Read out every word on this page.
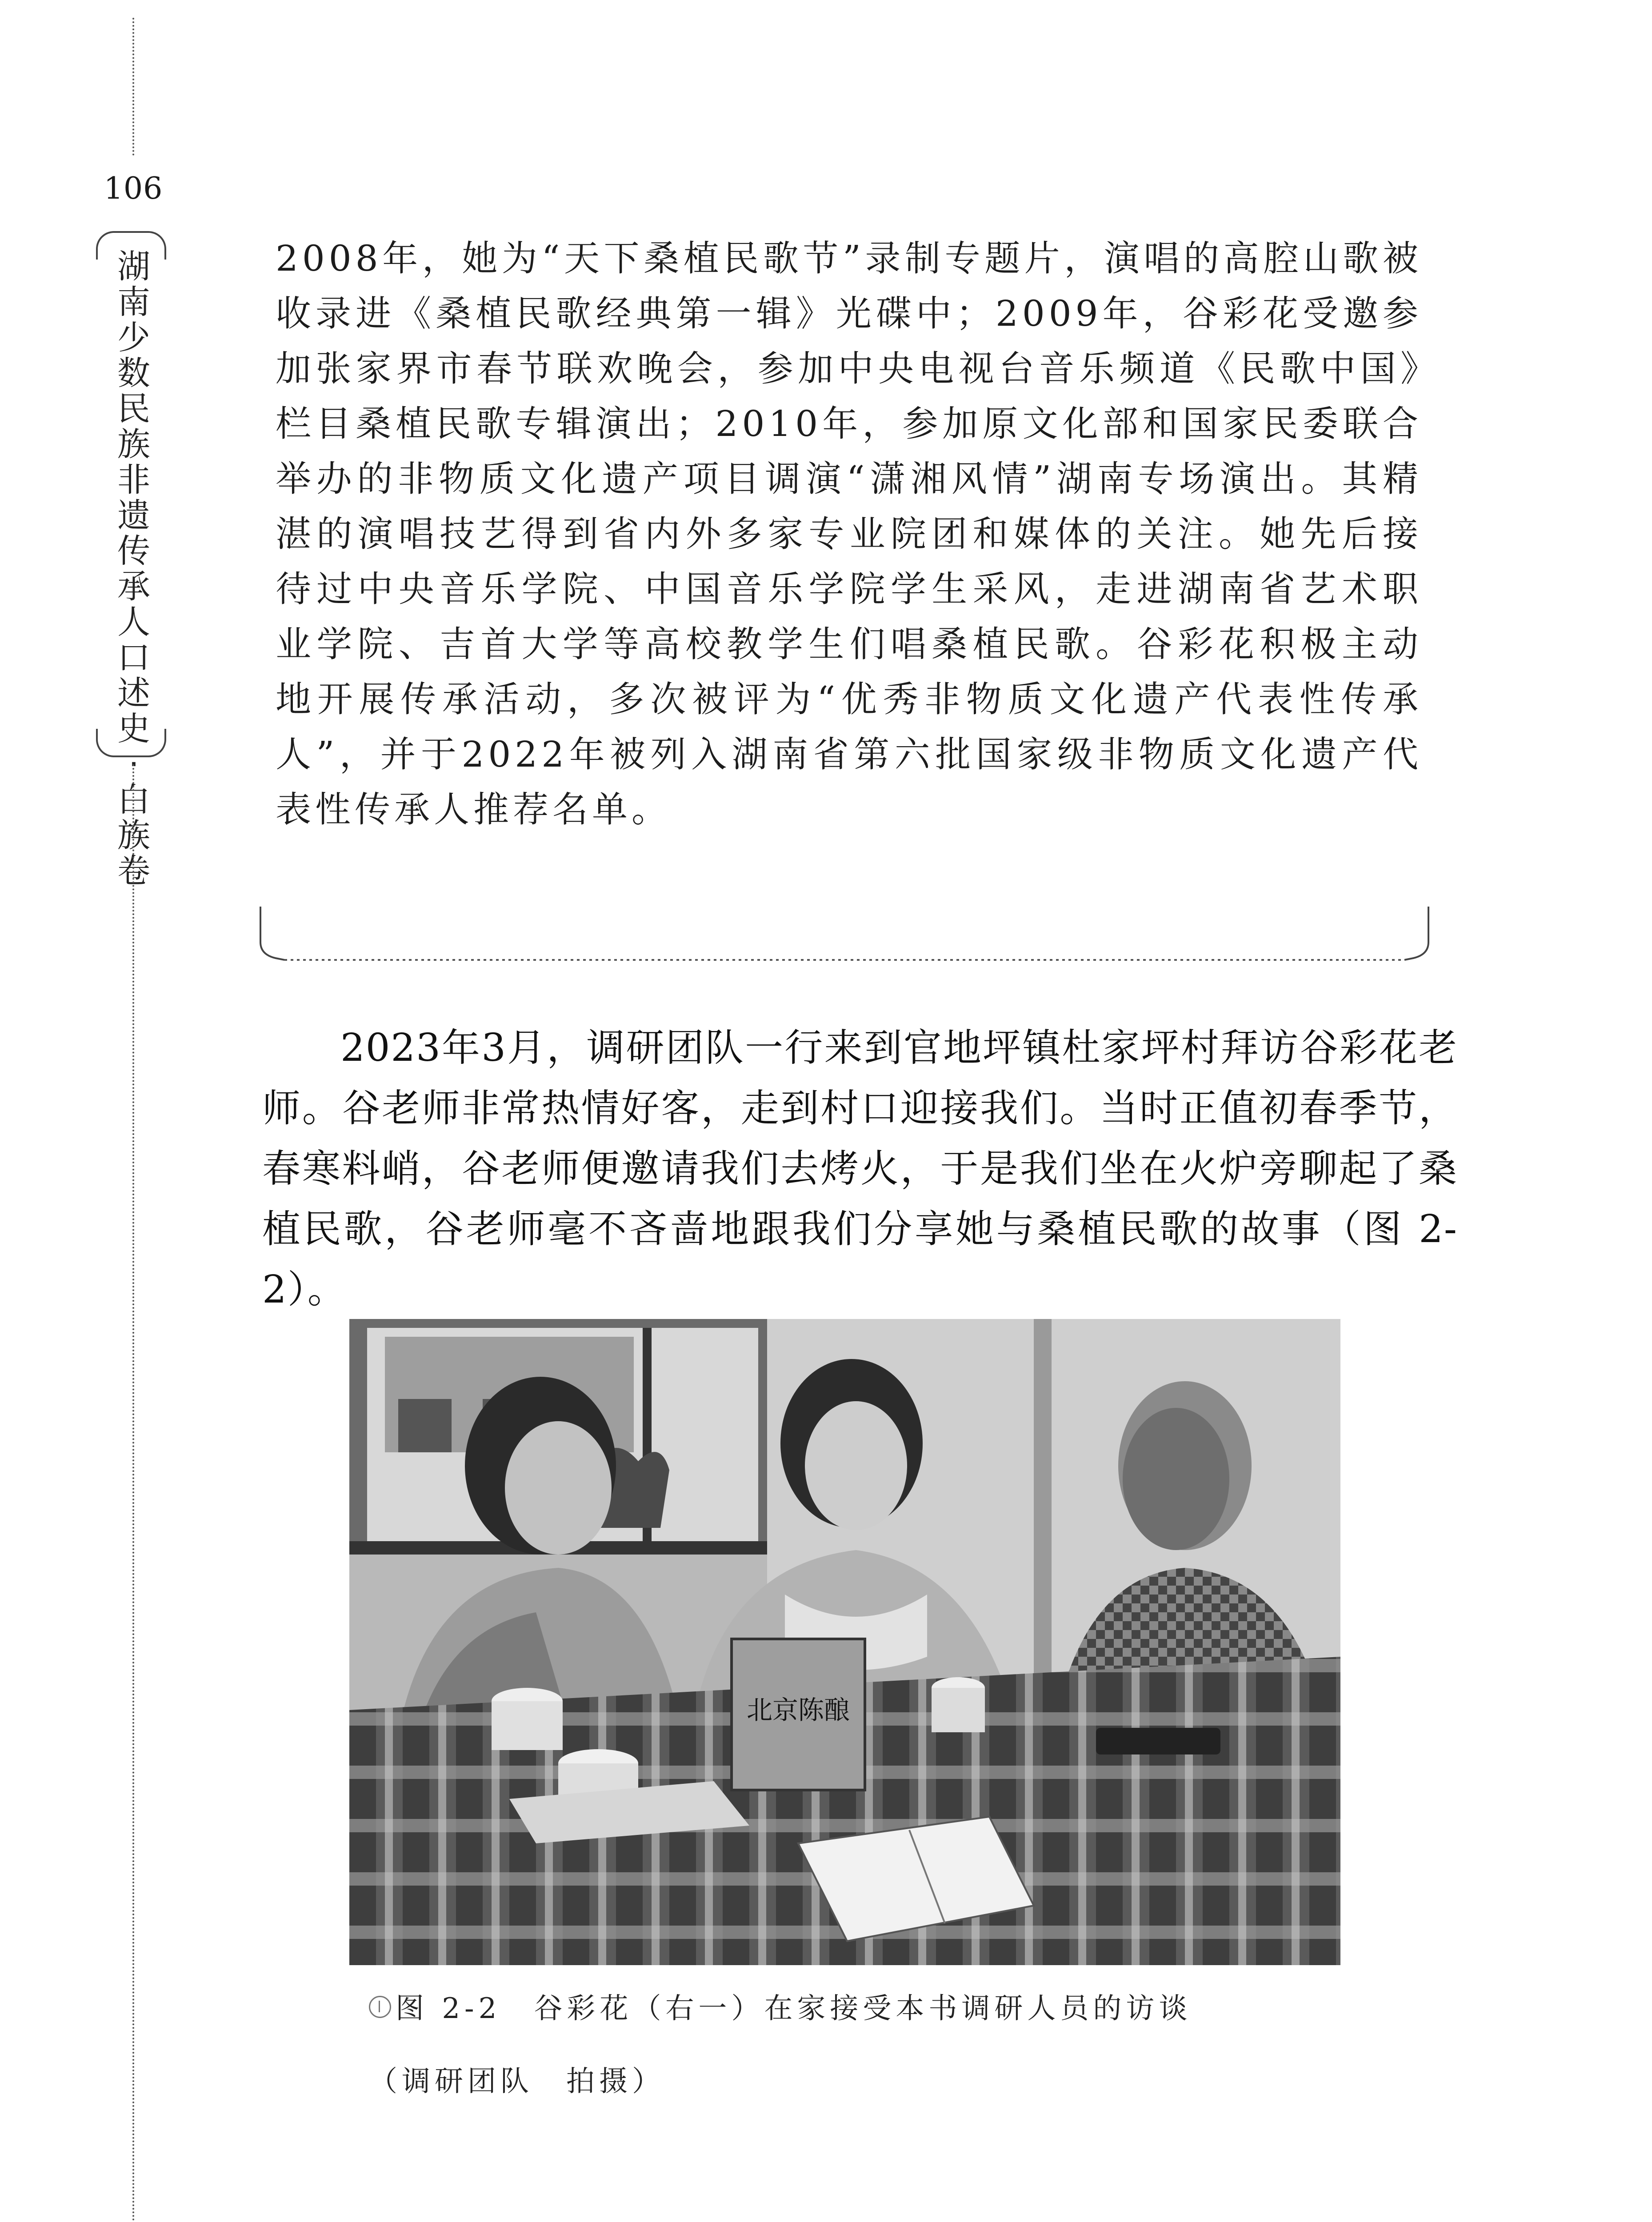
106
湖
南
少
数
民
族
非
遗
传
承
人
口
述
史
·
白
族
卷
2008年，她为“天下桑植民歌节”录制专题片，演唱的高腔山歌被收录进《桑植民歌经典第一辑》光碟中；2009年，谷彩花受邀参加张家界市春节联欢晚会，参加中央电视台音乐频道《民歌中国》栏目桑植民歌专辑演出；2010年，参加原文化部和国家民委联合举办的非物质文化遗产项目调演“潇湘风情”湖南专场演出。其精湛的演唱技艺得到省内外多家专业院团和媒体的关注。她先后接待过中央音乐学院、中国音乐学院学生采风，走进湖南省艺术职业学院、吉首大学等高校教学生们唱桑植民歌。谷彩花积极主动地开展传承活动，多次被评为“优秀非物质文化遗产代表性传承人”，并于2022年被列入湖南省第六批国家级非物质文化遗产代表性传承人推荐名单。
2023年3月，调研团队一行来到官地坪镇杜家坪村拜访谷彩花老师。谷老师非常热情好客，走到村口迎接我们。当时正值初春季节，春寒料峭，谷老师便邀请我们去烤火，于是我们坐在火炉旁聊起了桑植民歌，谷老师毫不吝啬地跟我们分享她与桑植民歌的故事（图 2-2）。
北京陈酿
图 2-2　谷彩花（右一）在家接受本书调研人员的访谈
（调研团队　拍摄）
